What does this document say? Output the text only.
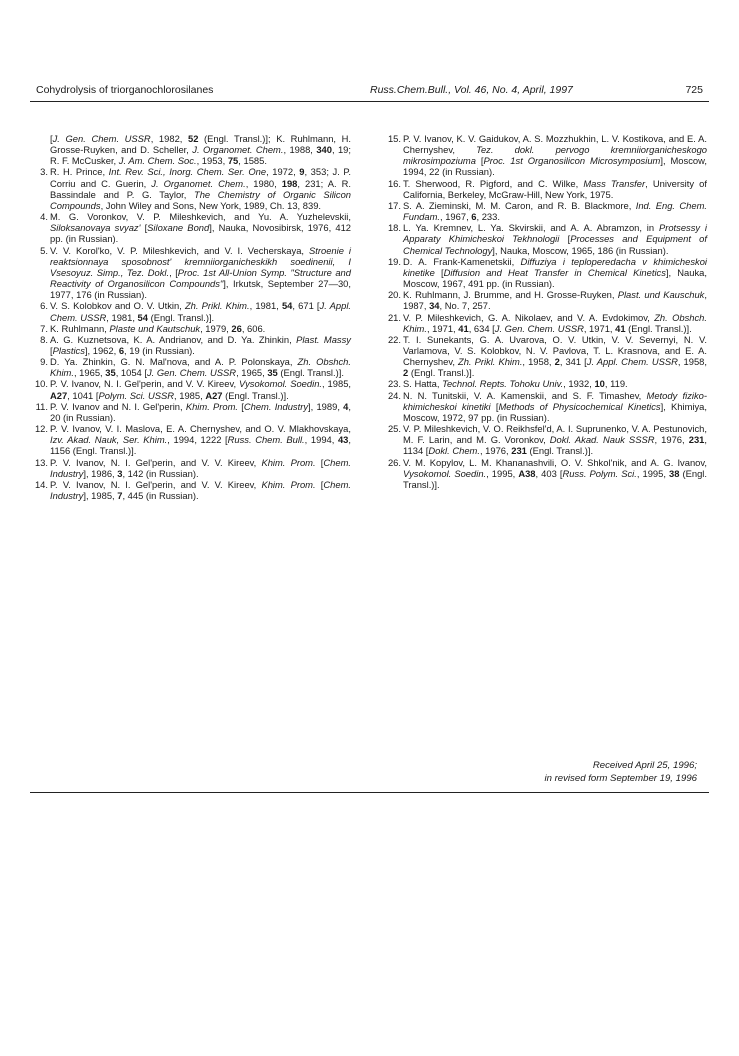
Cohydrolysis of triorganochlorosilanes	Russ.Chem.Bull., Vol. 46, No. 4, April, 1997	725

[J. Gen. Chem. USSR, 1982, 52 (Engl. Transl.)]; K. Ruhlmann, H. Grosse-Ruyken, and D. Scheller, J. Organomet. Chem., 1988, 340, 19; R. F. McCusker, J. Am. Chem. Soc., 1953, 75, 1585.

3. R. H. Prince, Int. Rev. Sci., Inorg. Chem. Ser. One, 1972, 9, 353; J. P. Corriu and C. Guerin, J. Organomet. Chem., 1980, 198, 231; A. R. Bassindale and P. G. Taylor, The Chemistry of Organic Silicon Compounds, John Wiley and Sons, New York, 1989, Ch. 13, 839.

4. M. G. Voronkov, V. P. Mileshkevich, and Yu. A. Yuzhelevskii, Siloksanovaya svyaz' [Siloxane Bond], Nauka, Novosibirsk, 1976, 412 pp. (in Russian).

5. V. V. Korol'ko, V. P. Mileshkevich, and V. I. Vecherskaya, Stroenie i reaktsionnaya sposobnost' kremniiorganicheskikh soedinenii, I Vsesoyuz. Simp., Tez. Dokl., [Proc. 1st All-Union Symp. "Structure and Reactivity of Organosilicon Compounds"], Irkutsk, September 27—30, 1977, 176 (in Russian).

6. V. S. Kolobkov and O. V. Utkin, Zh. Prikl. Khim., 1981, 54, 671 [J. Appl. Chem. USSR, 1981, 54 (Engl. Transl.)].

7. K. Ruhlmann, Plaste und Kautschuk, 1979, 26, 606.

8. A. G. Kuznetsova, K. A. Andrianov, and D. Ya. Zhinkin, Plast. Massy [Plastics], 1962, 6, 19 (in Russian).

9. D. Ya. Zhinkin, G. N. Mal'nova, and A. P. Polonskaya, Zh. Obshch. Khim., 1965, 35, 1054 [J. Gen. Chem. USSR, 1965, 35 (Engl. Transl.)].

10. P. V. Ivanov, N. I. Gel'perin, and V. V. Kireev, Vysokomol. Soedin., 1985, A27, 1041 [Polym. Sci. USSR, 1985, A27 (Engl. Transl.)].

11. P. V. Ivanov and N. I. Gel'perin, Khim. Prom. [Chem. Industry], 1989, 4, 20 (in Russian).

12. P. V. Ivanov, V. I. Maslova, E. A. Chernyshev, and O. V. Mlakhovskaya, Izv. Akad. Nauk, Ser. Khim., 1994, 1222 [Russ. Chem. Bull., 1994, 43, 1156 (Engl. Transl.)].

13. P. V. Ivanov, N. I. Gel'perin, and V. V. Kireev, Khim. Prom. [Chem. Industry], 1986, 3, 142 (in Russian).

14. P. V. Ivanov, N. I. Gel'perin, and V. V. Kireev, Khim. Prom. [Chem. Industry], 1985, 7, 445 (in Russian).

15. P. V. Ivanov, K. V. Gaidukov, A. S. Mozzhukhin, L. V. Kostikova, and E. A. Chernyshev, Tez. dokl. pervogo kremniiorganicheskogo mikrosimpoziuma [Proc. 1st Organosilicon Microsymposium], Moscow, 1994, 22 (in Russian).

16. T. Sherwood, R. Pigford, and C. Wilke, Mass Transfer, University of California, Berkeley, McGraw-Hill, New York, 1975.

17. S. A. Zieminski, M. M. Caron, and R. B. Blackmore, Ind. Eng. Chem. Fundam., 1967, 6, 233.

18. L. Ya. Kremnev, L. Ya. Skvirskii, and A. A. Abramzon, in Protsessy i Apparaty Khimicheskoi Tekhnologii [Processes and Equipment of Chemical Technology], Nauka, Moscow, 1965, 186 (in Russian).

19. D. A. Frank-Kamenetskii, Diffuziya i teploperedacha v khimicheskoi kinetike [Diffusion and Heat Transfer in Chemical Kinetics], Nauka, Moscow, 1967, 491 pp. (in Russian).

20. K. Ruhlmann, J. Brumme, and H. Grosse-Ruyken, Plast. und Kauschuk, 1987, 34, No. 7, 257.

21. V. P. Mileshkevich, G. A. Nikolaev, and V. A. Evdokimov, Zh. Obshch. Khim., 1971, 41, 634 [J. Gen. Chem. USSR, 1971, 41 (Engl. Transl.)].

22. T. I. Sunekants, G. A. Uvarova, O. V. Utkin, V. V. Severnyi, N. V. Varlamova, V. S. Kolobkov, N. V. Pavlova, T. L. Krasnova, and E. A. Chernyshev, Zh. Prikl. Khim., 1958, 2, 341 [J. Appl. Chem. USSR, 1958, 2 (Engl. Transl.)].

23. S. Hatta, Technol. Repts. Tohoku Univ., 1932, 10, 119.

24. N. N. Tunitskii, V. A. Kamenskii, and S. F. Timashev, Metody fiziko-khimicheskoi kinetiki [Methods of Physicochemical Kinetics], Khimiya, Moscow, 1972, 97 pp. (in Russian).

25. V. P. Mileshkevich, V. O. Reikhsfel'd, A. I. Suprunenko, V. A. Pestunovich, M. F. Larin, and M. G. Voronkov, Dokl. Akad. Nauk SSSR, 1976, 231, 1134 [Dokl. Chem., 1976, 231 (Engl. Transl.)].

26. V. M. Kopylov, L. M. Khananashvili, O. V. Shkol'nik, and A. G. Ivanov, Vysokomol. Soedin., 1995, A38, 403 [Russ. Polym. Sci., 1995, 38 (Engl. Transl.)].

Received April 25, 1996;
in revised form September 19, 1996
